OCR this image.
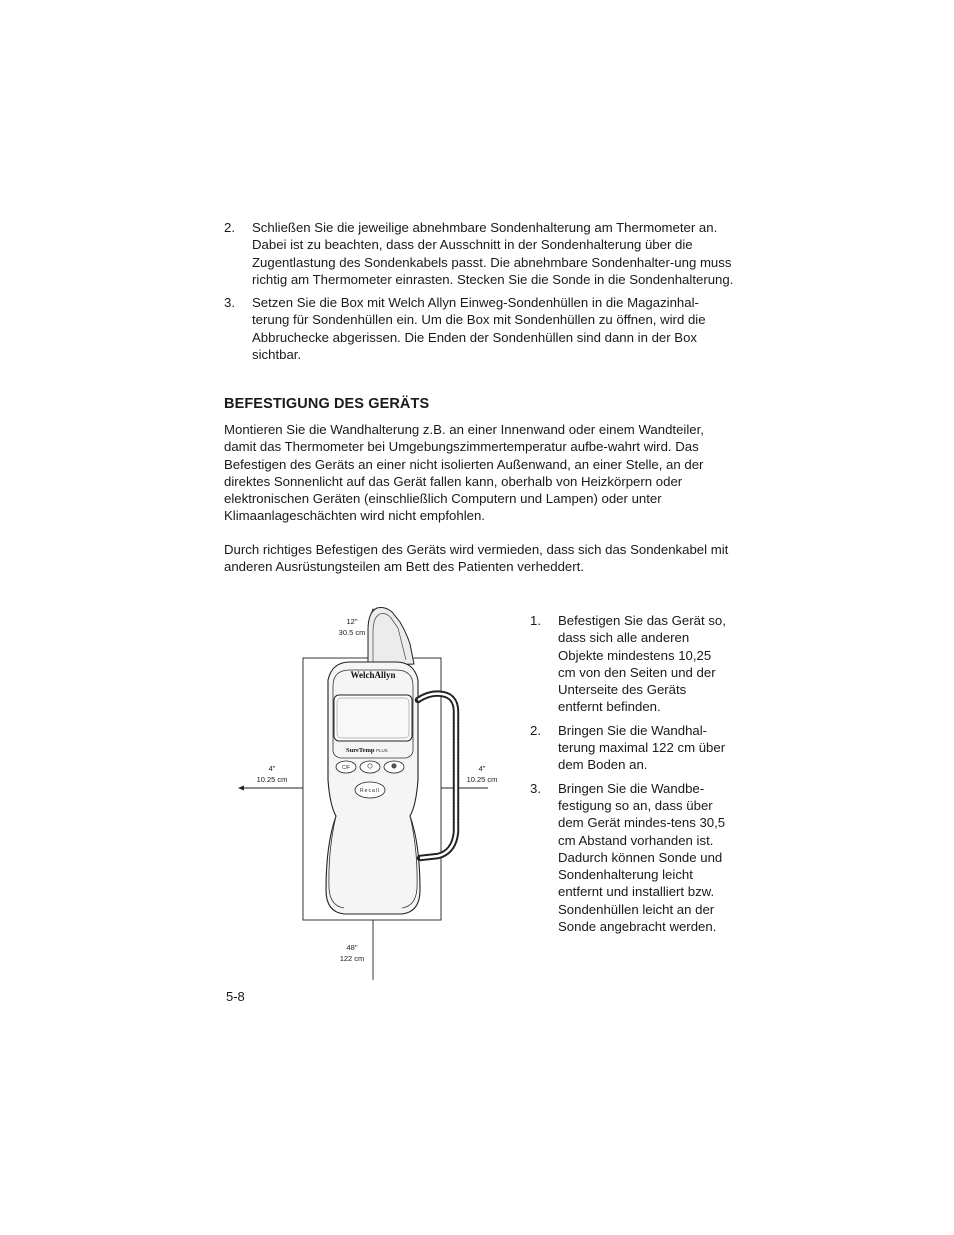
2.	Schließen Sie die jeweilige abnehmbare Sondenhalterung am Thermometer an. Dabei ist zu beachten, dass der Ausschnitt in der Sondenhalterung über die Zugentlastung des Sondenkabels passt. Die abnehmbare Sondenhalter-ung muss richtig am Thermometer einrasten. Stecken Sie die Sonde in die Sondenhalterung.
3.	Setzen Sie die Box mit Welch Allyn Einweg-Sondenhüllen in die Magazinhal-terung für Sondenhüllen ein. Um die Box mit Sondenhüllen zu öffnen, wird die Abbruchecke abgerissen. Die Enden der Sondenhüllen sind dann in der Box sichtbar.
BEFESTIGUNG DES GERÄTS

Montieren Sie die Wandhalterung z.B. an einer Innenwand oder einem Wandteiler, damit das Thermometer bei Umgebungszimmertemperatur aufbe-wahrt wird. Das Befestigen des Geräts an einer nicht isolierten Außenwand, an einer Stelle, an der direktes Sonnenlicht auf das Gerät fallen kann, oberhalb von Heizkörpern oder elektronischen Geräten (einschließlich Computern und Lampen) oder unter Klimaanlageschächten wird nicht empfohlen.

Durch richtiges Befestigen des Geräts wird vermieden, dass sich das Sondenkabel mit anderen Ausrüstungsteilen am Bett des Patienten verheddert.

12"
30.5 cm
4"
10.25 cm
4"
10.25 cm
48"
122 cm
WelchAllyn
SureTemp PLUS
C/F
Recall
1.	Befestigen Sie das Gerät so, dass sich alle anderen Objekte mindestens 10,25 cm von den Seiten und der Unterseite des Geräts entfernt befinden.
2.	Bringen Sie die Wandhal-terung maximal 122 cm über dem Boden an.
3.	Bringen Sie die Wandbe-festigung so an, dass über dem Gerät mindes-tens 30,5 cm Abstand vorhanden ist. Dadurch können Sonde und Sondenhalterung leicht entfernt und installiert bzw. Sondenhüllen leicht an der Sonde angebracht werden.
5-8
